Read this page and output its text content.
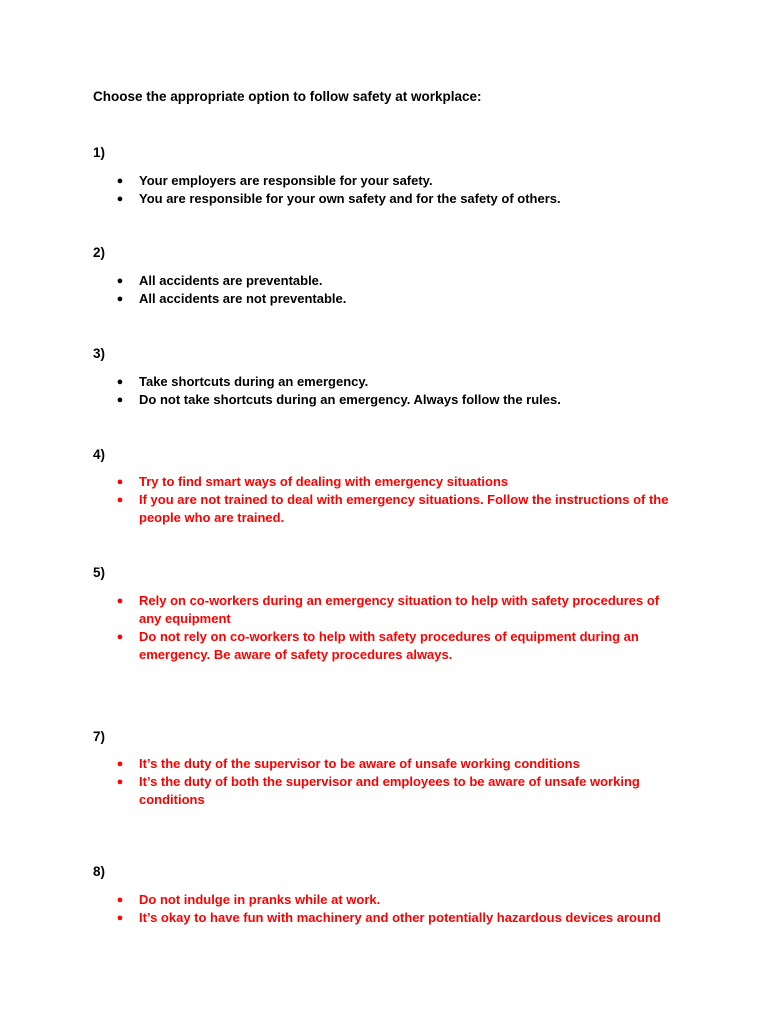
Choose the appropriate option to follow safety at workplace:
1)
● Your employers are responsible for your safety.
● You are responsible for your own safety and for the safety of others.
2)
● All accidents are preventable.
● All accidents are not preventable.
3)
● Take shortcuts during an emergency.
● Do not take shortcuts during an emergency. Always follow the rules.
4)
● Try to find smart ways of dealing with emergency situations
● If you are not trained to deal with emergency situations. Follow the instructions of the people who are trained.
5)
● Rely on co-workers during an emergency situation to help with safety procedures of any equipment
● Do not rely on co-workers to help with safety procedures of equipment during an emergency. Be aware of safety procedures always.
7)
● It’s the duty of the supervisor to be aware of unsafe working conditions
● It’s the duty of both the supervisor and employees to be aware of unsafe working conditions
8)
● Do not indulge in pranks while at work.
● It’s okay to have fun with machinery and other potentially hazardous devices around
